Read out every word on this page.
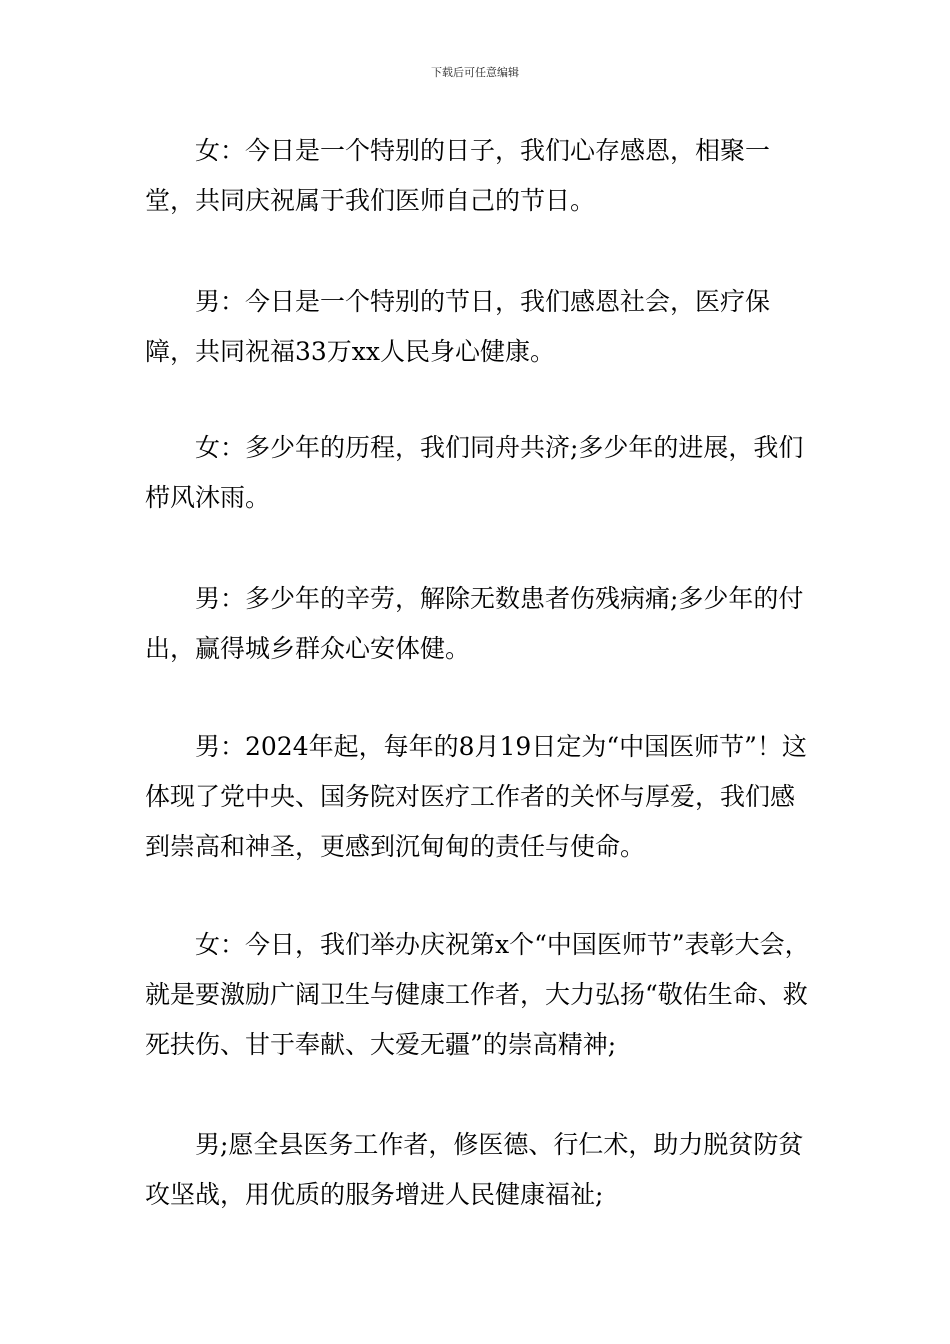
下载后可任意编辑

女：今日是一个特别的日子，我们心存感恩，相聚一堂，共同庆祝属于我们医师自己的节日。

男：今日是一个特别的节日，我们感恩社会，医疗保障，共同祝福33万xx人民身心健康。

女：多少年的历程，我们同舟共济;多少年的进展，我们栉风沐雨。

男：多少年的辛劳，解除无数患者伤残病痛;多少年的付出，赢得城乡群众心安体健。

男：2024年起，每年的8月19日定为“中国医师节”！这体现了党中央、国务院对医疗工作者的关怀与厚爱，我们感到崇高和神圣，更感到沉甸甸的责任与使命。

女：今日，我们举办庆祝第x个“中国医师节”表彰大会，就是要激励广阔卫生与健康工作者，大力弘扬“敬佑生命、救死扶伤、甘于奉献、大爱无疆”的崇高精神;

男;愿全县医务工作者，修医德、行仁术，助力脱贫防贫攻坚战，用优质的服务增进人民健康福祉;
